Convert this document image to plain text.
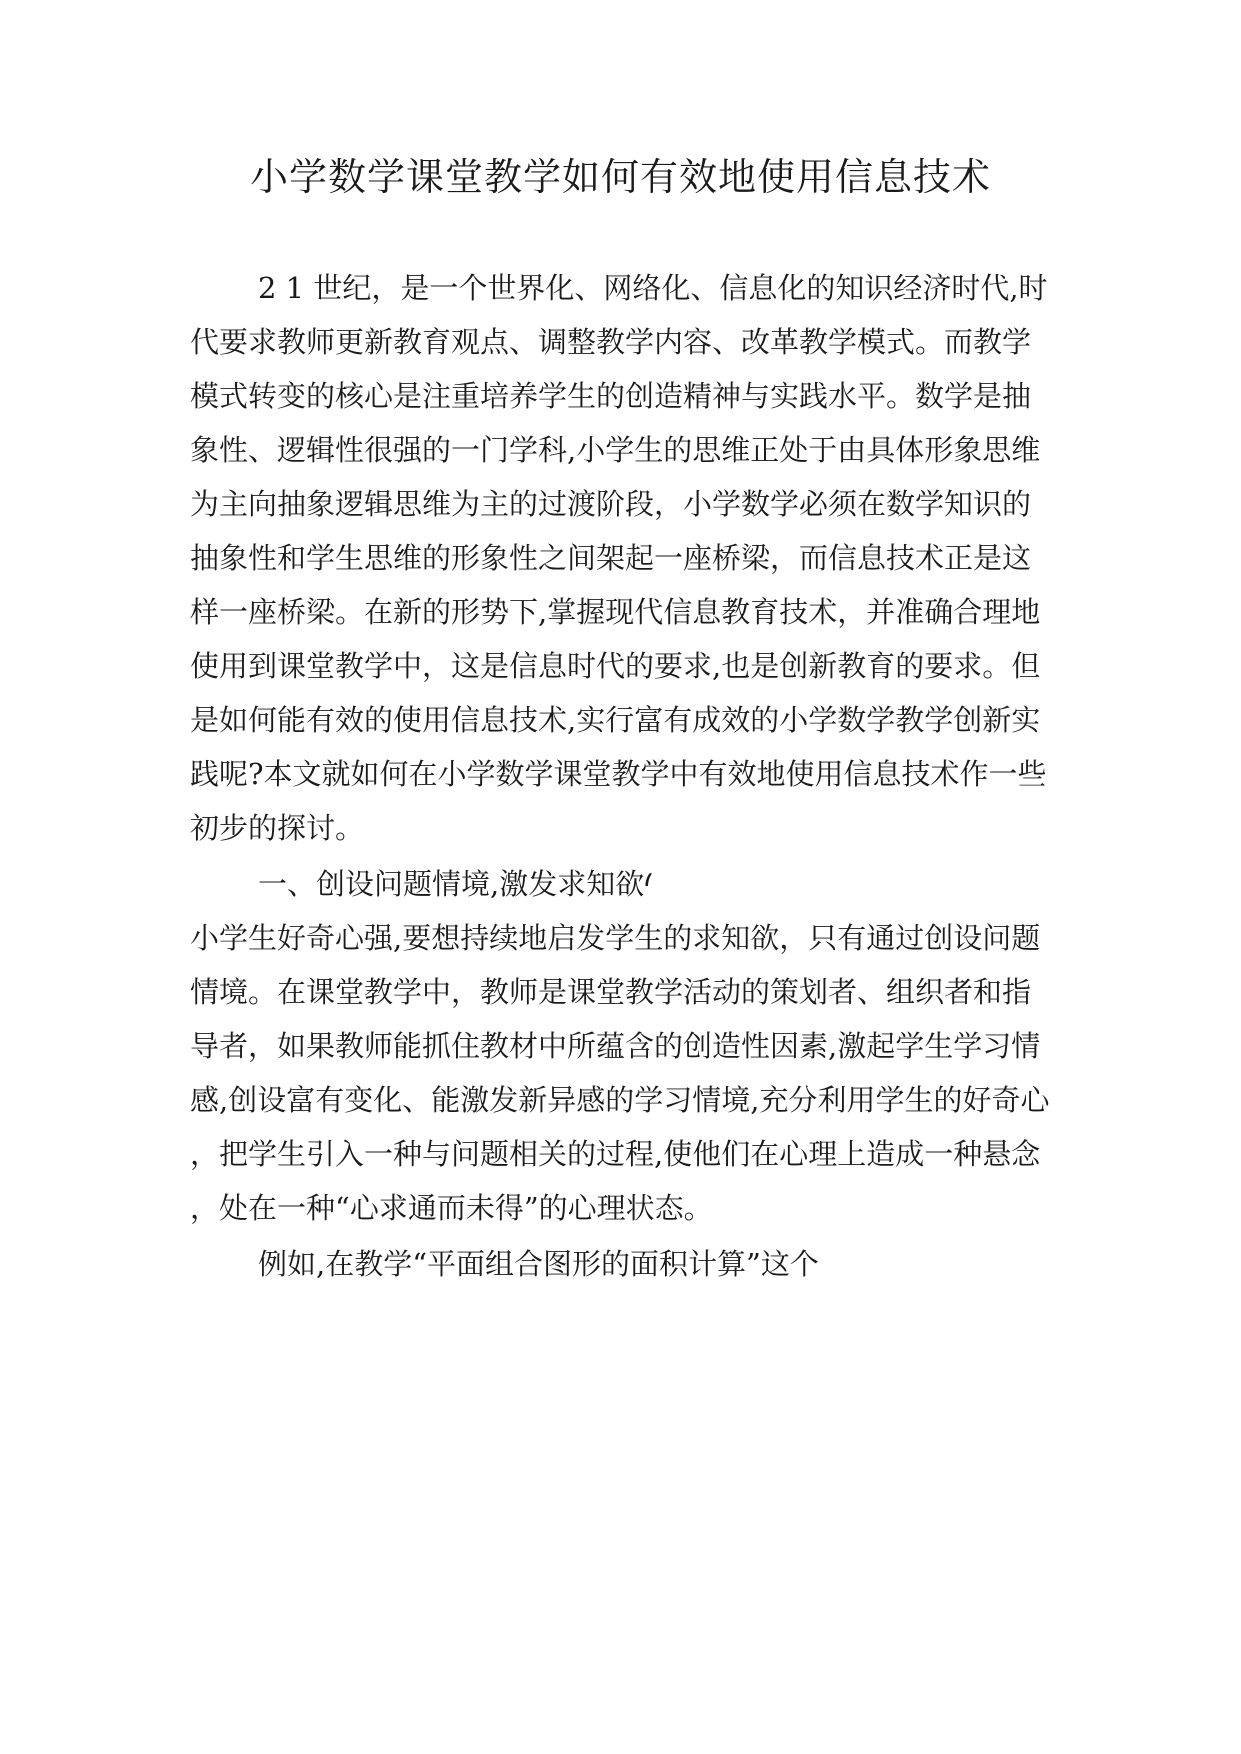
小学数学课堂教学如何有效地使用信息技术

2 1 世纪，是一个世界化、网络化、信息化的知识经济时代,时

代要求教师更新教育观点、调整教学内容、改革教学模式。而教学

模式转变的核心是注重培养学生的创造精神与实践水平。数学是抽

象性、逻辑性很强的一门学科,小学生的思维正处于由具体形象思维

为主向抽象逻辑思维为主的过渡阶段，小学数学必须在数学知识的

抽象性和学生思维的形象性之间架起一座桥梁，而信息技术正是这

样一座桥梁。在新的形势下,掌握现代信息教育技术，并准确合理地

使用到课堂教学中，这是信息时代的要求,也是创新教育的要求。但

是如何能有效的使用信息技术,实行富有成效的小学数学教学创新实

践呢?本文就如何在小学数学课堂教学中有效地使用信息技术作一些

初步的探讨。

一、创设问题情境,激发求知欲⹙

小学生好奇心强,要想持续地启发学生的求知欲，只有通过创设问题

情境。在课堂教学中，教师是课堂教学活动的策划者、组织者和指

导者，如果教师能抓住教材中所蕴含的创造性因素,激起学生学习情

感,创设富有变化、能激发新异感的学习情境,充分利用学生的好奇心

，把学生引入一种与问题相关的过程,使他们在心理上造成一种悬念

，处在一种“心求通而未得”的心理状态。

例如,在教学“平面组合图形的面积计算”这个
